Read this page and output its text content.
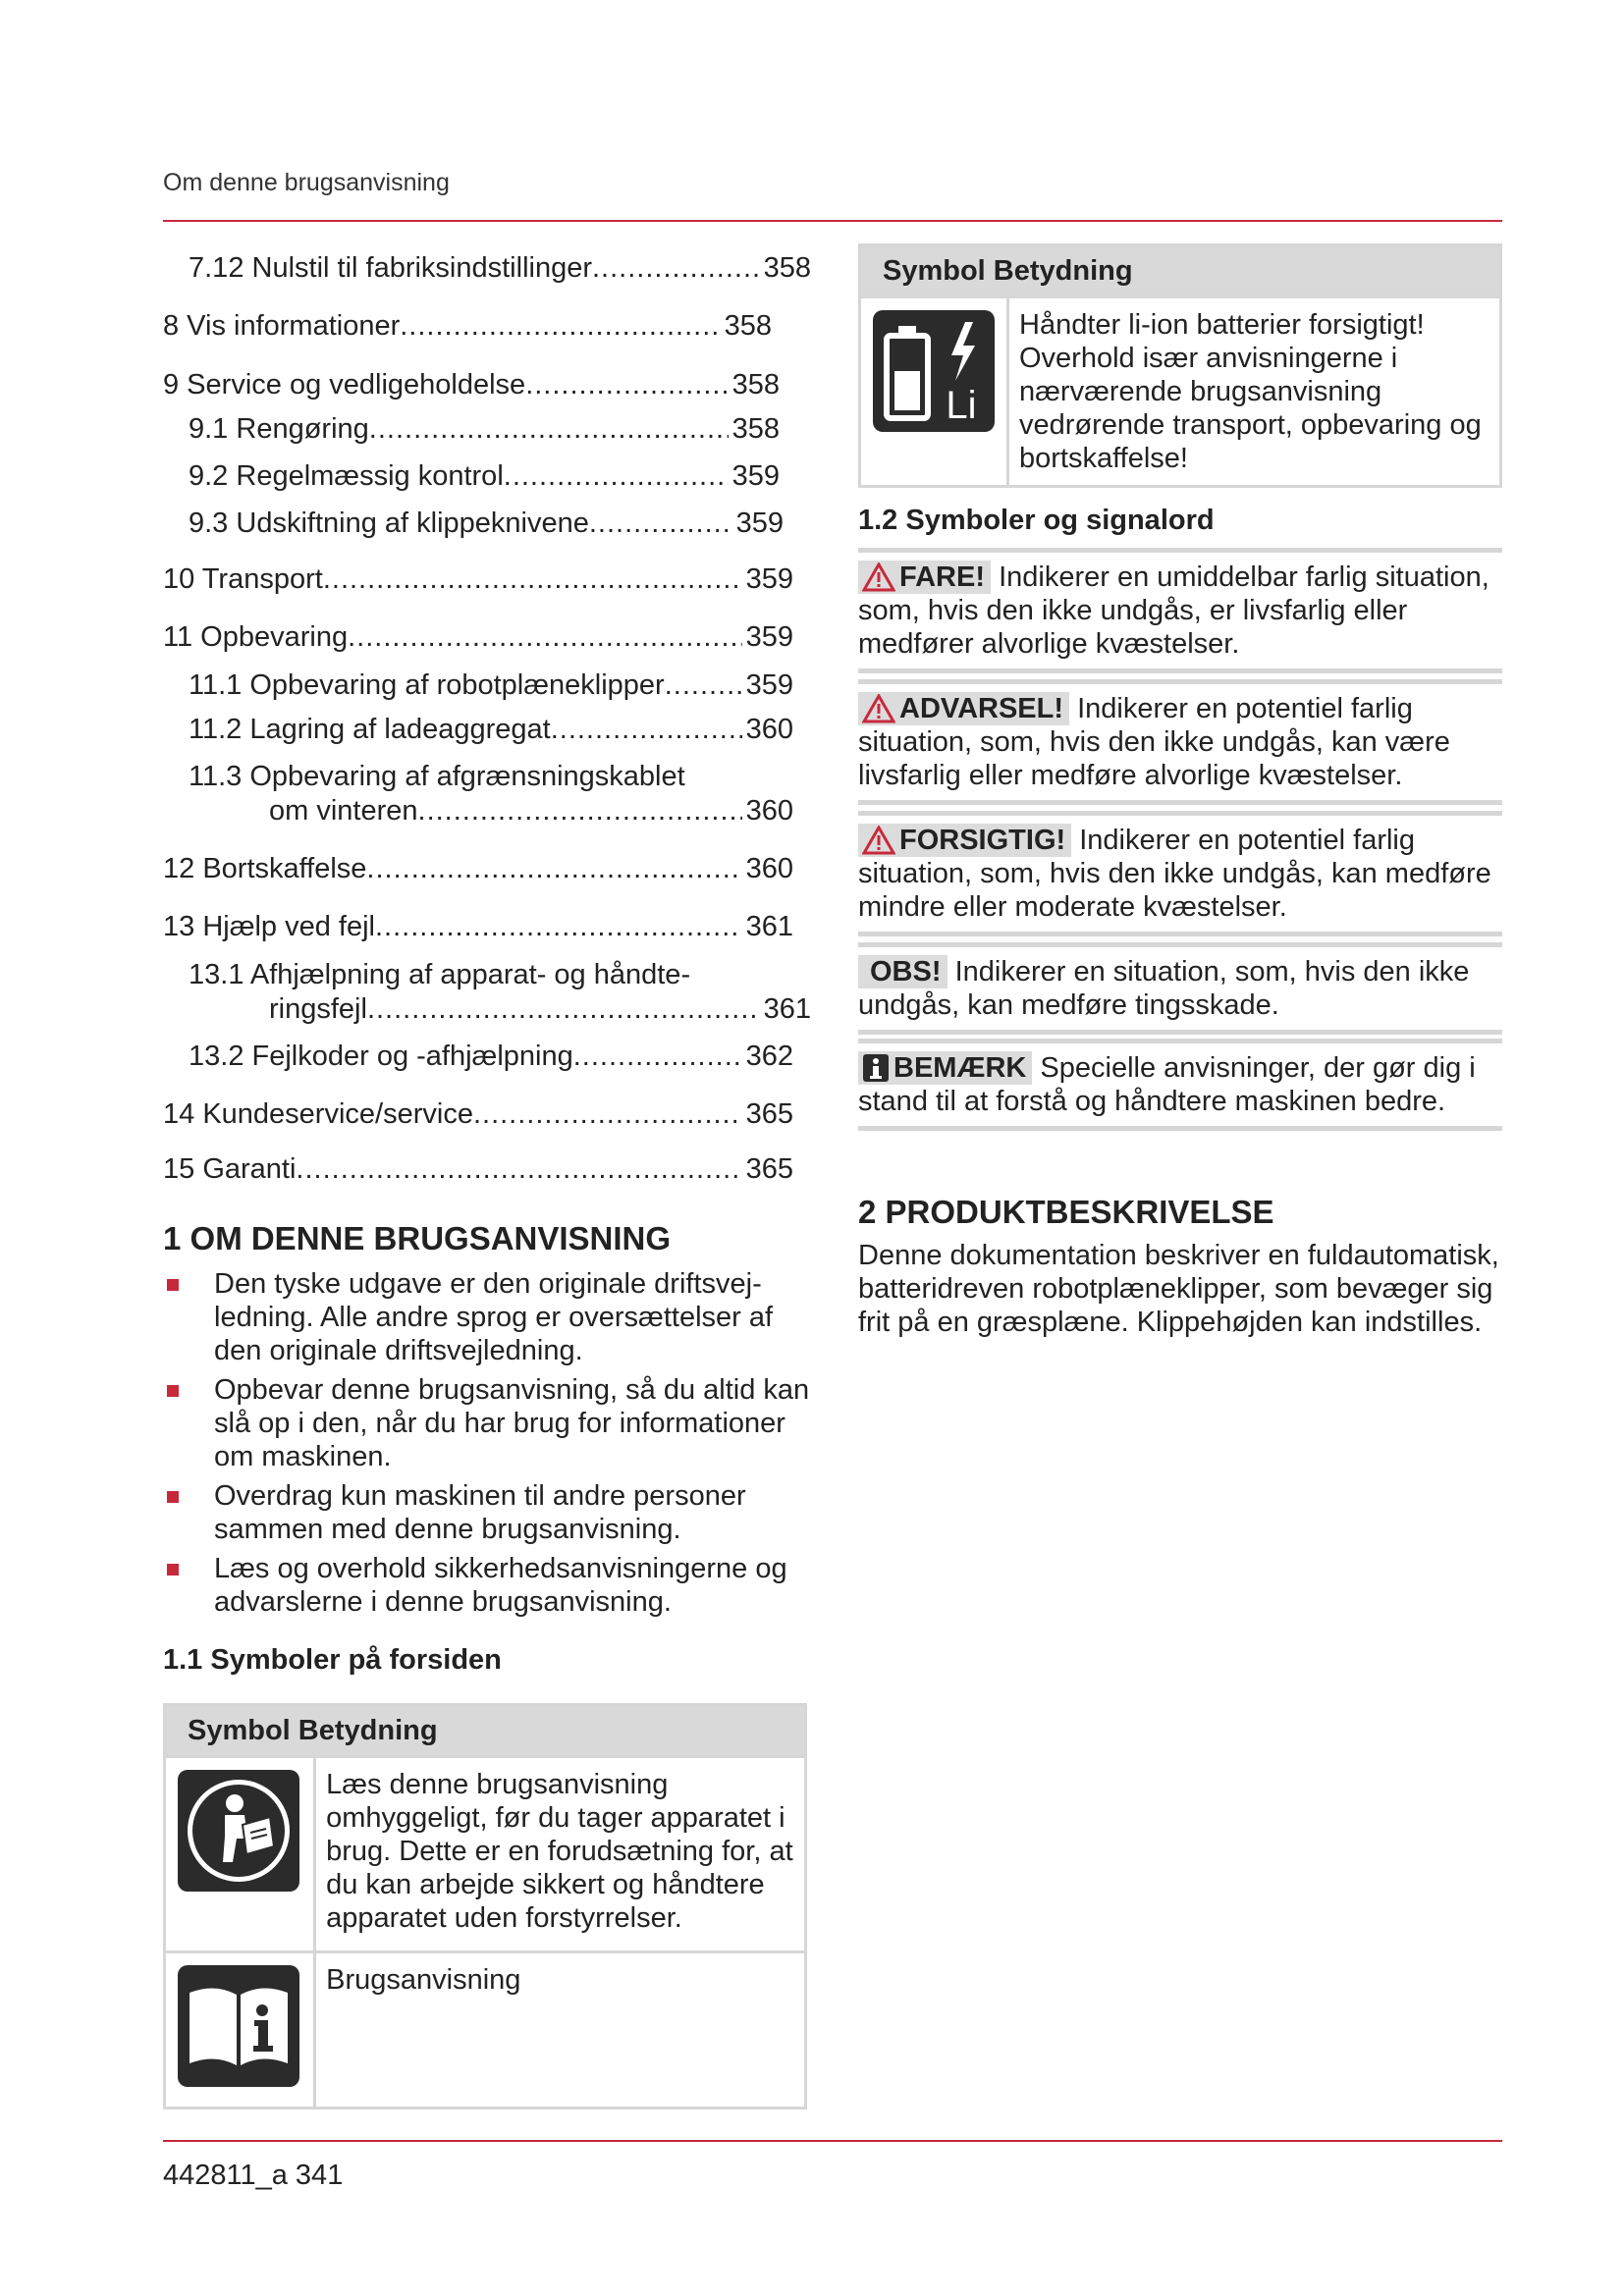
Om denne brugsanvisning
7.12 Nulstil til fabriksindstillinger .....	358
8 Vis informationer .....	358
9 Service og vedligeholdelse .....	358
9.1 Rengøring .....	358
9.2 Regelmæssig kontrol .....	359
9.3 Udskiftning af klippeknivene .....	359
10 Transport .....	359
11 Opbevaring .....	359
11.1 Opbevaring af robotplæneklipper .....	359
11.2 Lagring af ladeaggregat .....	360
11.3 Opbevaring af afgrænsningskablet
om vinteren .....	360
12 Bortskaffelse .....	360
13 Hjælp ved fejl .....	361
13.1 Afhjælpning af apparat- og håndte-
ringsfejl .....	361
13.2 Fejlkoder og -afhjælpning .....	362
14 Kundeservice/service .....	365
15 Garanti .....	365
1 OM DENNE BRUGSANVISNING
Den tyske udgave er den originale driftsvej-ledning. Alle andre sprog er oversættelser af den originale driftsvejledning.
Opbevar denne brugsanvisning, så du altid kan slå op i den, når du har brug for informationer om maskinen.
Overdrag kun maskinen til andre personer sammen med denne brugsanvisning.
Læs og overhold sikkerhedsanvisningerne og advarslerne i denne brugsanvisning.
1.1 Symboler på forsiden
Symbol Betydning	
	Læs denne brugsanvisning omhyggeligt, før du tager apparatet i brug. Dette er en forudsætning for, at du kan arbejde sikkert og håndtere apparatet uden forstyrrelser.
	Brugsanvisning
Symbol Betydning

Li
	Håndter li-ion batterier forsigtigt! Overhold især anvisningerne i nærværende brugsanvisning vedrørende transport, opbevaring og bortskaffelse!
1.2 Symboler og signalord
FARE! Indikerer en umiddelbar farlig situation, som, hvis den ikke undgås, er livsfarlig eller medfører alvorlige kvæstelser.
ADVARSEL! Indikerer en potentiel farlig situation, som, hvis den ikke undgås, kan være livsfarlig eller medføre alvorlige kvæstelser.
FORSIGTIG! Indikerer en potentiel farlig situation, som, hvis den ikke undgås, kan medføre mindre eller moderate kvæstelser.
OBS! Indikerer en situation, som, hvis den ikke undgås, kan medføre tingsskade.
BEMÆRK Specielle anvisninger, der gør dig i stand til at forstå og håndtere maskinen bedre.
2 PRODUKTBESKRIVELSE
Denne dokumentation beskriver en fuldautomatisk, batteridreven robotplæneklipper, som bevæger sig frit på en græsplæne. Klippehøjden kan indstilles.
442811_a 341
